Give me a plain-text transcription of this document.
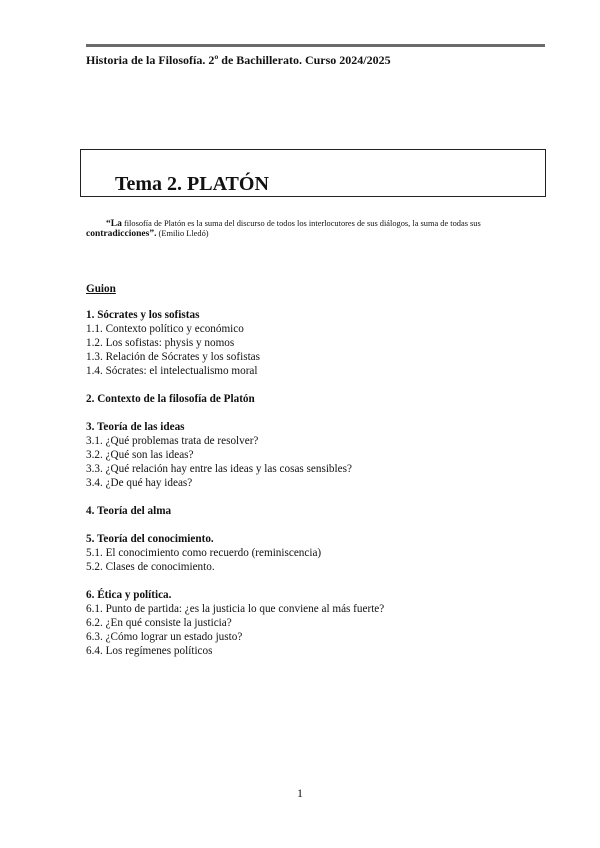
Historia de la Filosofía. 2º de Bachillerato. Curso 2024/2025
Tema 2. PLATÓN
“La filosofía de Platón es la suma del discurso de todos los interlocutores de sus diálogos, la suma de todas sus contradicciones”. (Emilio Lledó)
Guion
1. Sócrates y los sofistas
1.1. Contexto político y económico
1.2. Los sofistas: physis y nomos
1.3. Relación de Sócrates y los sofistas
1.4. Sócrates: el intelectualismo moral
2. Contexto de la filosofía de Platón
3. Teoría de las ideas
3.1. ¿Qué problemas trata de resolver?
3.2. ¿Qué son las ideas?
3.3. ¿Qué relación hay entre las ideas y las cosas sensibles?
3.4. ¿De qué hay ideas?
4. Teoría del alma
5. Teoría del conocimiento.
5.1. El conocimiento como recuerdo (reminiscencia)
5.2. Clases de conocimiento.
6. Ética y política.
6.1. Punto de partida: ¿es la justicia lo que conviene al más fuerte?
6.2. ¿En qué consiste la justicia?
6.3. ¿Cómo lograr un estado justo?
6.4. Los regímenes políticos
1
